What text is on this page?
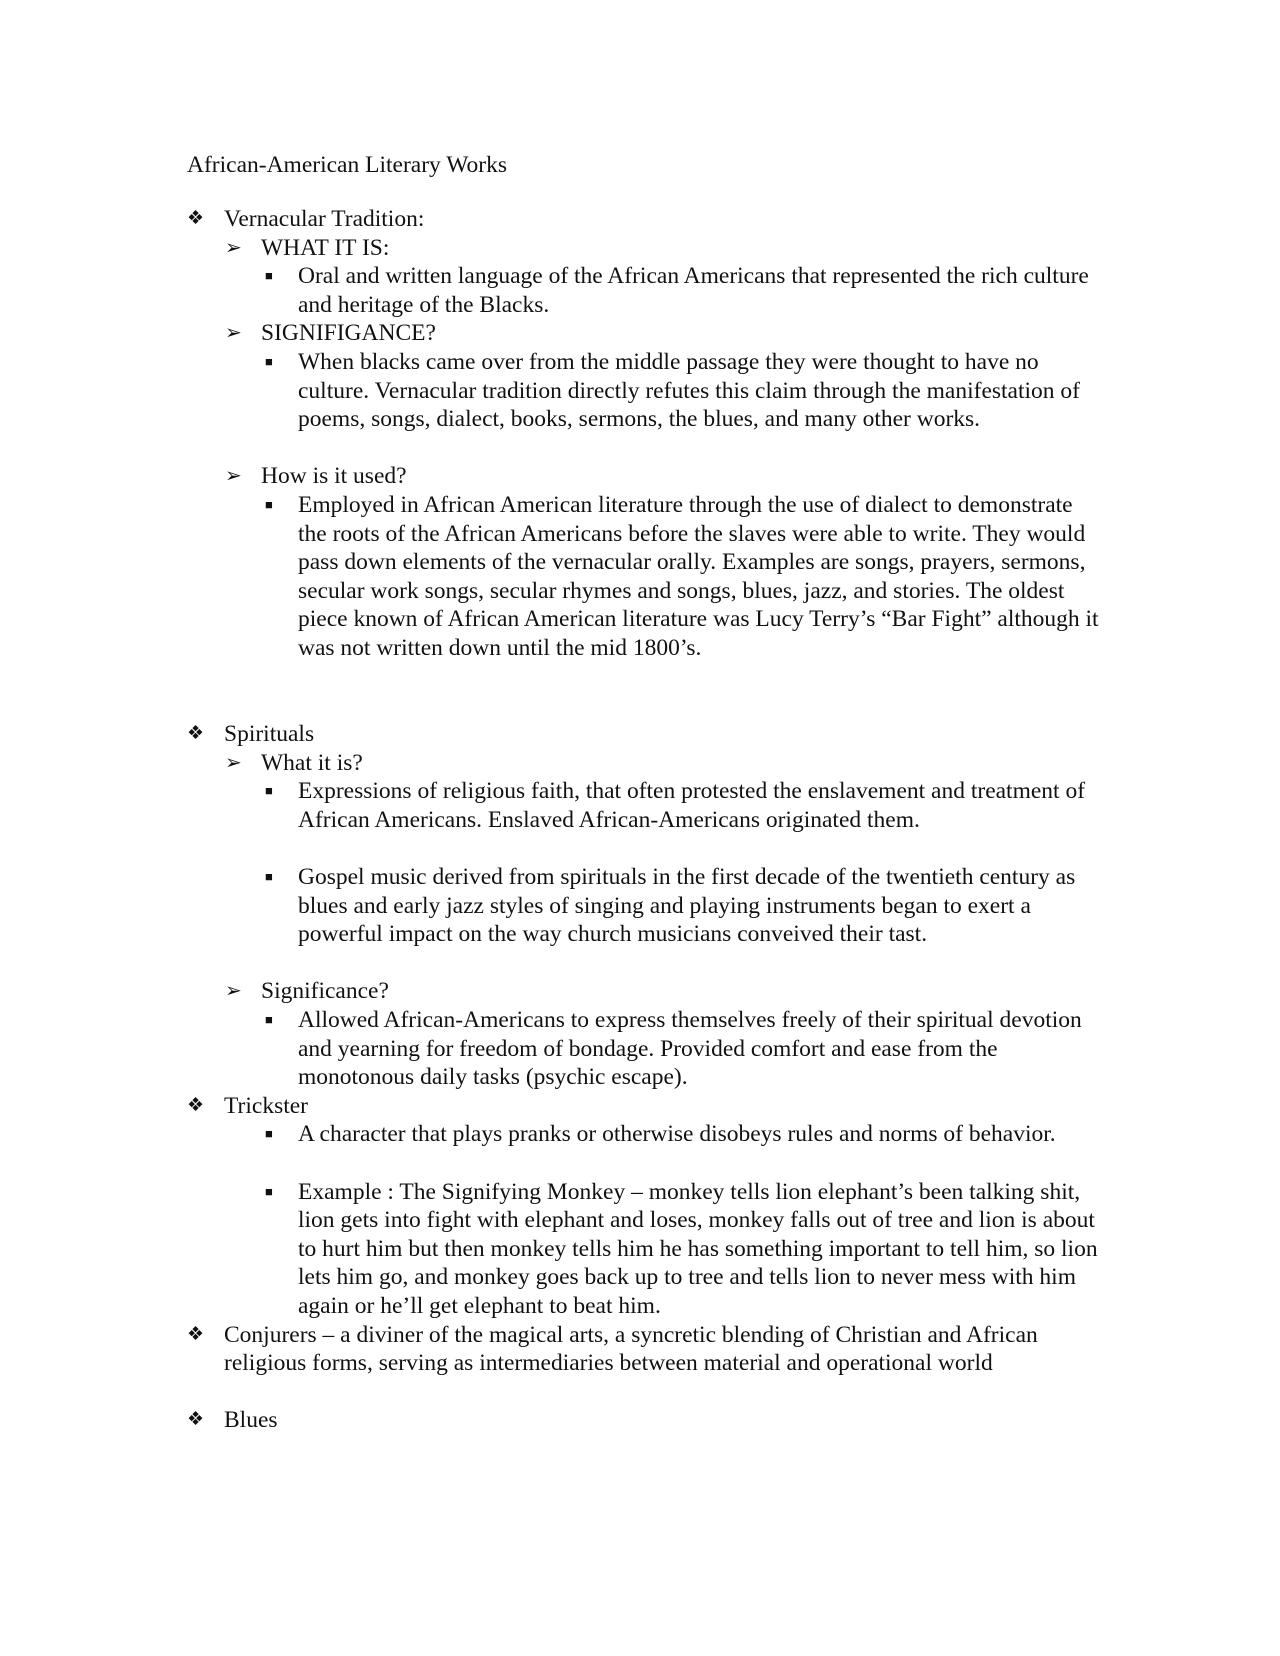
African-American Literary Works
❖ Vernacular Tradition:
➢ WHAT IT IS:
■	Oral and written language of the African Americans that represented the rich culture and heritage of the Blacks.
➢ SIGNIFIGANCE?
■	When blacks came over from the middle passage they were thought to have no culture. Vernacular tradition directly refutes this claim through the manifestation of poems, songs, dialect, books, sermons, the blues, and many other works.
➢ How is it used?
■	Employed in African American literature through the use of dialect to demonstrate the roots of the African Americans before the slaves were able to write. They would pass down elements of the vernacular orally. Examples are songs, prayers, sermons, secular work songs, secular rhymes and songs, blues, jazz, and stories. The oldest piece known of African American literature was Lucy Terry’s “Bar Fight” although it was not written down until the mid 1800’s.
❖ Spirituals
➢ What it is?
■	Expressions of religious faith, that often protested the enslavement and treatment of African Americans. Enslaved African-Americans originated them.
■	Gospel music derived from spirituals in the first decade of the twentieth century as blues and early jazz styles of singing and playing instruments began to exert a powerful impact on the way church musicians conveived their tast.
➢ Significance?
■	Allowed African-Americans to express themselves freely of their spiritual devotion and yearning for freedom of bondage. Provided comfort and ease from the monotonous daily tasks (psychic escape).
❖ Trickster
■	A character that plays pranks or otherwise disobeys rules and norms of behavior.
■	Example : The Signifying Monkey – monkey tells lion elephant’s been talking shit, lion gets into fight with elephant and loses, monkey falls out of tree and lion is about to hurt him but then monkey tells him he has something important to tell him, so lion lets him go, and monkey goes back up to tree and tells lion to never mess with him again or he’ll get elephant to beat him.
❖ Conjurers – a diviner of the magical arts, a syncretic blending of Christian and African religious forms, serving as intermediaries between material and operational world
❖ Blues
